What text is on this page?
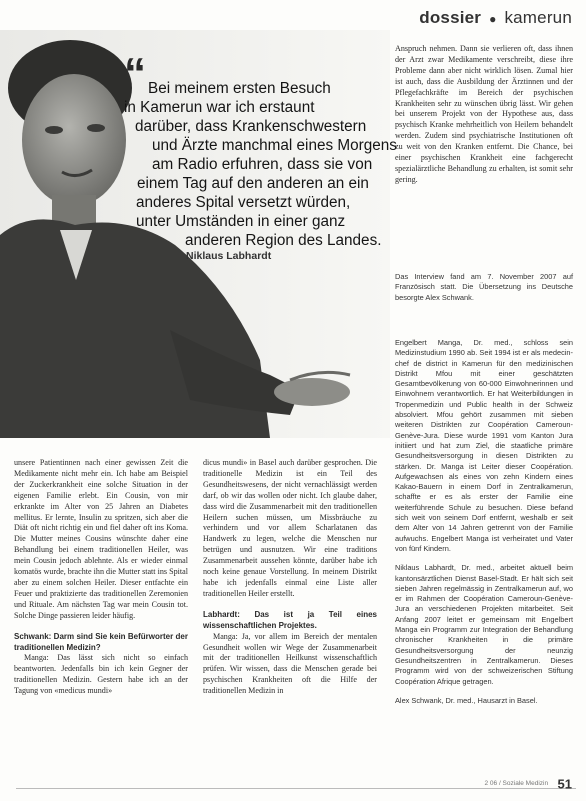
dossier ● kamerun
“ Bei meinem ersten Besuch
in Kamerun war ich erstaunt
darüber, dass Krankenschwestern
und Ärzte manchmal eines Morgens
am Radio erfuhren, dass sie von
einem Tag auf den anderen an ein
anderes Spital versetzt würden,
unter Umständen in einer ganz
anderen Region des Landes.
Niklaus Labhardt

unsere Patientinnen nach einer gewissen Zeit die Medikamente nicht mehr ein. Ich habe am Beispiel der Zuckerkrankheit eine solche Situation in der eigenen Familie erlebt. Ein Cousin, von mir erkrankte im Alter von 25 Jahren an Diabetes mellitus. Er lernte, Insulin zu spritzen, sich aber die Diät oft nicht richtig ein und fiel daher oft ins Koma. Die Mutter meines Cousins wünschte daher eine Behandlung bei einem traditionellen Heiler, was mein Cousin jedoch ablehnte. Als er wieder einmal komatös wurde, brachte ihn die Mutter statt ins Spital aber zu einem solchen Heiler. Dieser entfachte ein Feuer und praktizierte das traditionellen Zeremonien und Rituale. Am nächsten Tag war mein Cousin tot. Solche Dinge passieren leider häufig.

Schwank: Darm sind Sie kein Befürworter der traditionellen Medizin?

Manga: Das lässt sich nicht so einfach beantworten. Jedenfalls bin ich kein Gegner der traditionellen Medizin. Gestern habe ich an der Tagung von «medicus mundi»

dicus mundi» in Basel auch darüber gesprochen. Die traditionelle Medizin ist ein Teil des Gesundheitswesens, der nicht vernachlässigt werden darf, ob wir das wollen oder nicht. Ich glaube daher, dass wird die Zusammenarbeit mit den traditionellen Heilern suchen müssen, um Missbräuche zu verhindern und vor allem Scharlatanen das Handwerk zu legen, welche die Menschen nur betrügen und ausnutzen. Wir eine traditions Zusammenarbeit aussehen könnte, darüber habe ich noch keine genaue Vorstellung. In meinem Distrikt habe ich jedenfalls einmal eine Liste aller traditionellen Heiler erstellt.

Labhardt: Das ist ja Teil eines wissenschaftlichen Projektes.

Manga: Ja, vor allem im Bereich der mentalen Gesundheit wollen wir Wege der Zusammenarbeit mit der traditionellen Heilkunst wissenschaftlich prüfen. Wir wissen, dass die Menschen gerade bei psychischen Krankheiten oft die Hilfe der traditionellen Medizin in

Anspruch nehmen. Dann sie verlieren oft, dass ihnen der Arzt zwar Medikamente verschreibt, diese ihre Probleme dann aber nicht wirklich lösen. Zumal hier ist auch, dass die Ausbildung der Ärztinnen und der Pflegefachkräfte im Bereich der psychischen Krankheiten sehr zu wünschen übrig lässt. Wir gehen bei unserem Projekt von der Hypothese aus, dass psychisch Kranke mehrheitlich von Heilern behandelt werden. Zudem sind psychiatrische Institutionen oft zu weit von den Kranken entfernt. Die Chance, bei einer psychischen Krankheit eine fachgerecht spezialärztliche Behandlung zu erhalten, ist somit sehr gering.

Das Interview fand am 7. November 2007 auf Französisch statt. Die Übersetzung ins Deutsche besorgte Alex Schwank.

Engelbert Manga, Dr. med., schloss sein Medizinstudium 1990 ab. Seit 1994 ist er als medecin-chef de district in Kamerun für den medizinischen Distrikt Mfou mit einer geschätzten Gesamtbevölkerung von 60-000 Einwohnerinnen und Einwohnern verantwortlich. Er hat Weiterbildungen in Tropenmedizin und Public health in der Schweiz absolviert. Mfou gehört zusammen mit sieben weiteren Distrikten zur Coopération Cameroun-Genève-Jura. Diese wurde 1991 vom Kanton Jura initiiert und hat zum Ziel, die staatliche primäre Gesundheitsversorgung in diesen Distrikten zu stärken. Dr. Manga ist Leiter dieser Coopération. Aufgewachsen als eines von zehn Kindern eines Kakao-Bauern in einem Dorf in Zentralkamerun, schaffte er es als erster der Familie eine weiterführende Schule zu besuchen. Diese befand sich weit von seinem Dorf entfernt, weshalb er seit dem Alter von 14 Jahren getrennt von der Familie aufwuchs. Engelbert Manga ist verheiratet und Vater von fünf Kindern.

Niklaus Labhardt, Dr. med., arbeitet aktuell beim kantonsärztlichen Dienst Basel-Stadt. Er hält sich seit sieben Jahren regelmässig in Zentralkamerun auf, wo er im Rahmen der Coopération Cameroun-Genève-Jura an verschiedenen Projekten mitarbeitet. Seit Anfang 2007 leitet er gemeinsam mit Engelbert Manga ein Programm zur Integration der Behandlung chronischer Krankheiten in die primäre Gesundheitsversorgung der neunzig Gesundheitszentren in Zentralkamerun. Dieses Programm wird von der schweizerischen Stiftung Coopération Afrique getragen.

Alex Schwank, Dr. med., Hausarzt in Basel.

2 06 / Soziale Medizin 51
